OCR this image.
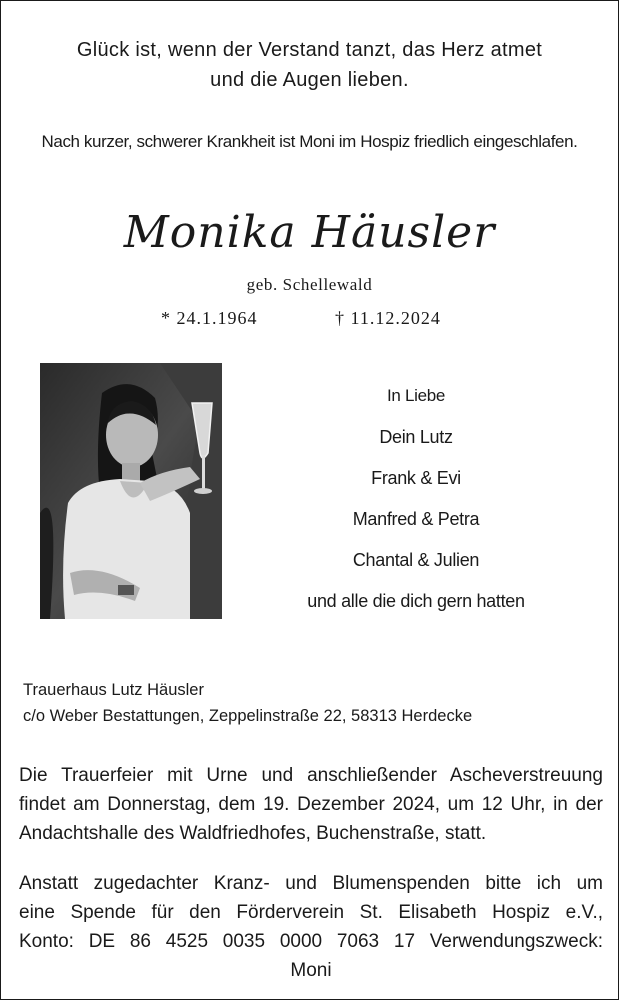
Glück ist, wenn der Verstand tanzt, das Herz atmet
und die Augen lieben.
Nach kurzer, schwerer Krankheit ist Moni im Hospiz friedlich eingeschlafen.
Monika Häusler
geb. Schellewald
* 24.1.1964	† 11.12.2024
In Liebe
Dein Lutz
Frank & Evi
Manfred & Petra
Chantal & Julien
und alle die dich gern hatten
Trauerhaus Lutz Häusler
c/o Weber Bestattungen, Zeppelinstraße 22, 58313 Herdecke
Die Trauerfeier mit Urne und anschließender Ascheverstreuung findet am Donnerstag, dem 19. Dezember 2024, um 12 Uhr, in der Andachtshalle des Waldfriedhofes, Buchenstraße, statt.
Anstatt zugedachter Kranz- und Blumenspenden bitte ich um
eine Spende für den Förderverein St. Elisabeth Hospiz e.V.,
Konto: DE 86 4525 0035 0000 7063 17 Verwendungszweck:
Moni
